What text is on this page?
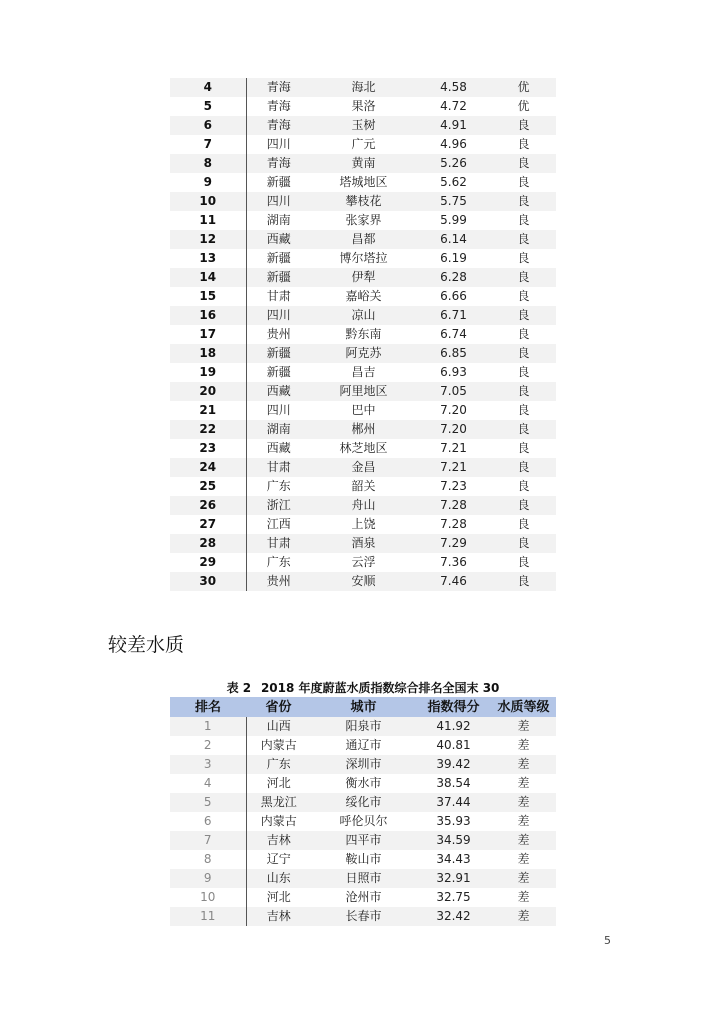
4	青海	海北	4.58	优
5	青海	果洛	4.72	优
6	青海	玉树	4.91	良
7	四川	广元	4.96	良
8	青海	黄南	5.26	良
9	新疆	塔城地区	5.62	良
10	四川	攀枝花	5.75	良
11	湖南	张家界	5.99	良
12	西藏	昌都	6.14	良
13	新疆	博尔塔拉	6.19	良
14	新疆	伊犁	6.28	良
15	甘肃	嘉峪关	6.66	良
16	四川	凉山	6.71	良
17	贵州	黔东南	6.74	良
18	新疆	阿克苏	6.85	良
19	新疆	昌吉	6.93	良
20	西藏	阿里地区	7.05	良
21	四川	巴中	7.20	良
22	湖南	郴州	7.20	良
23	西藏	林芝地区	7.21	良
24	甘肃	金昌	7.21	良
25	广东	韶关	7.23	良
26	浙江	舟山	7.28	良
27	江西	上饶	7.28	良
28	甘肃	酒泉	7.29	良
29	广东	云浮	7.36	良
30	贵州	安顺	7.46	良
较差水质
表 2 2018 年度蔚蓝水质指数综合排名全国末 30
排名	省份	城市	指数得分	水质等级
1	山西	阳泉市	41.92	差
2	内蒙古	通辽市	40.81	差
3	广东	深圳市	39.42	差
4	河北	衡水市	38.54	差
5	黑龙江	绥化市	37.44	差
6	内蒙古	呼伦贝尔	35.93	差
7	吉林	四平市	34.59	差
8	辽宁	鞍山市	34.43	差
9	山东	日照市	32.91	差
10	河北	沧州市	32.75	差
11	吉林	长春市	32.42	差
5
